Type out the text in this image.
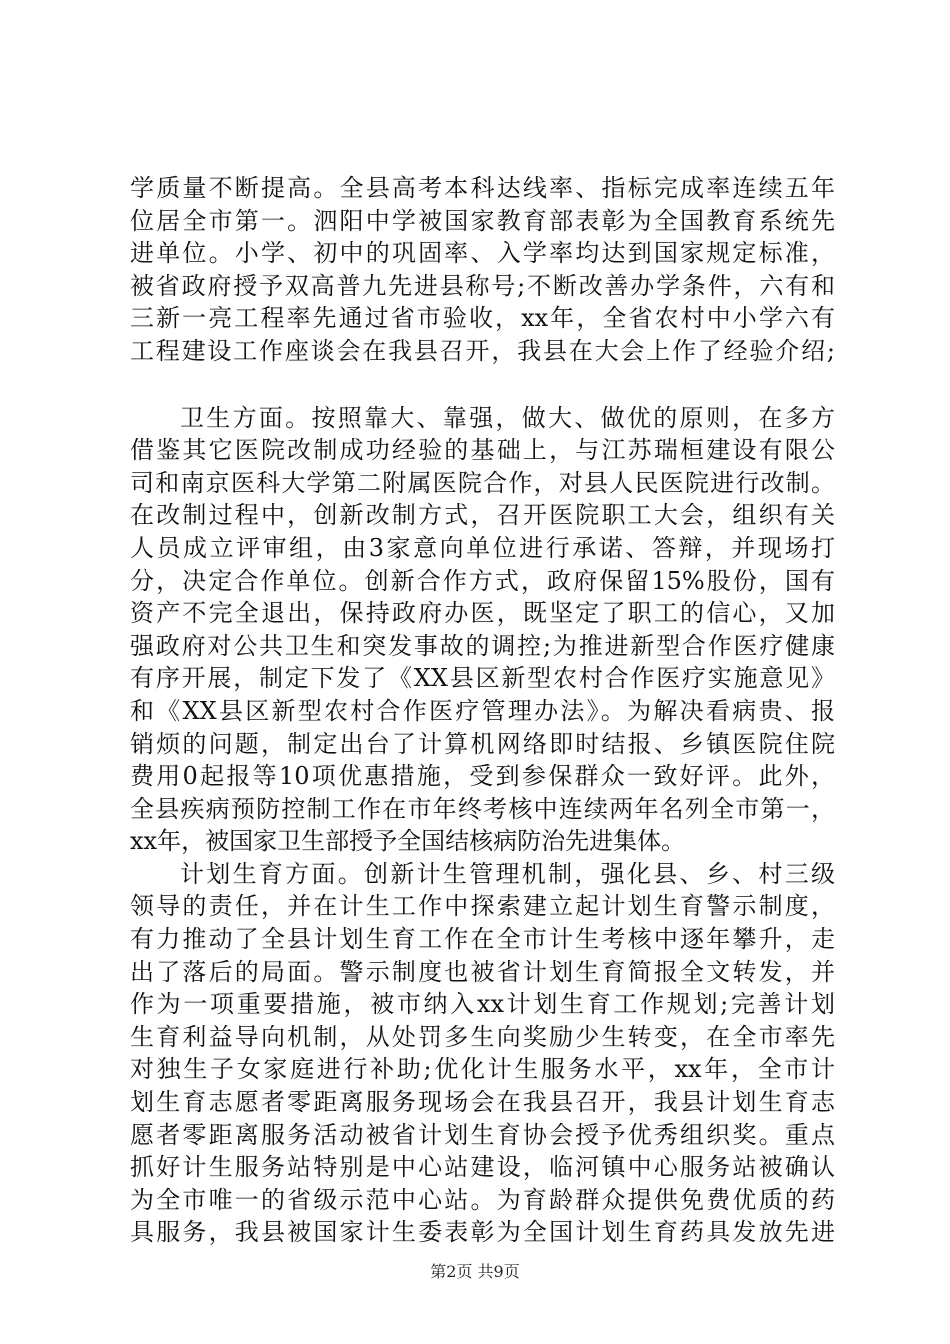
学质量不断提高。全县高考本科达线率、指标完成率连续五年
位居全市第一。泗阳中学被国家教育部表彰为全国教育系统先
进单位。小学、初中的巩固率、入学率均达到国家规定标准，
被省政府授予双高普九先进县称号;不断改善办学条件，六有和
三新一亮工程率先通过省市验收，xx年，全省农村中小学六有
工程建设工作座谈会在我县召开，我县在大会上作了经验介绍;
卫生方面。按照靠大、靠强，做大、做优的原则，在多方
借鉴其它医院改制成功经验的基础上，与江苏瑞桓建设有限公
司和南京医科大学第二附属医院合作，对县人民医院进行改制。
在改制过程中，创新改制方式，召开医院职工大会，组织有关
人员成立评审组，由3家意向单位进行承诺、答辩，并现场打
分，决定合作单位。创新合作方式，政府保留15%股份，国有
资产不完全退出，保持政府办医，既坚定了职工的信心，又加
强政府对公共卫生和突发事故的调控;为推进新型合作医疗健康
有序开展，制定下发了《XX县区新型农村合作医疗实施意见》
和《XX县区新型农村合作医疗管理办法》。为解决看病贵、报
销烦的问题，制定出台了计算机网络即时结报、乡镇医院住院
费用0起报等10项优惠措施，受到参保群众一致好评。此外，
全县疾病预防控制工作在市年终考核中连续两年名列全市第一，
xx年，被国家卫生部授予全国结核病防治先进集体。
计划生育方面。创新计生管理机制，强化县、乡、村三级
领导的责任，并在计生工作中探索建立起计划生育警示制度，
有力推动了全县计划生育工作在全市计生考核中逐年攀升，走
出了落后的局面。警示制度也被省计划生育简报全文转发，并
作为一项重要措施，被市纳入xx计划生育工作规划;完善计划
生育利益导向机制，从处罚多生向奖励少生转变，在全市率先
对独生子女家庭进行补助;优化计生服务水平，xx年，全市计
划生育志愿者零距离服务现场会在我县召开，我县计划生育志
愿者零距离服务活动被省计划生育协会授予优秀组织奖。重点
抓好计生服务站特别是中心站建设，临河镇中心服务站被确认
为全市唯一的省级示范中心站。为育龄群众提供免费优质的药
具服务，我县被国家计生委表彰为全国计划生育药具发放先进
第2页 共9页
